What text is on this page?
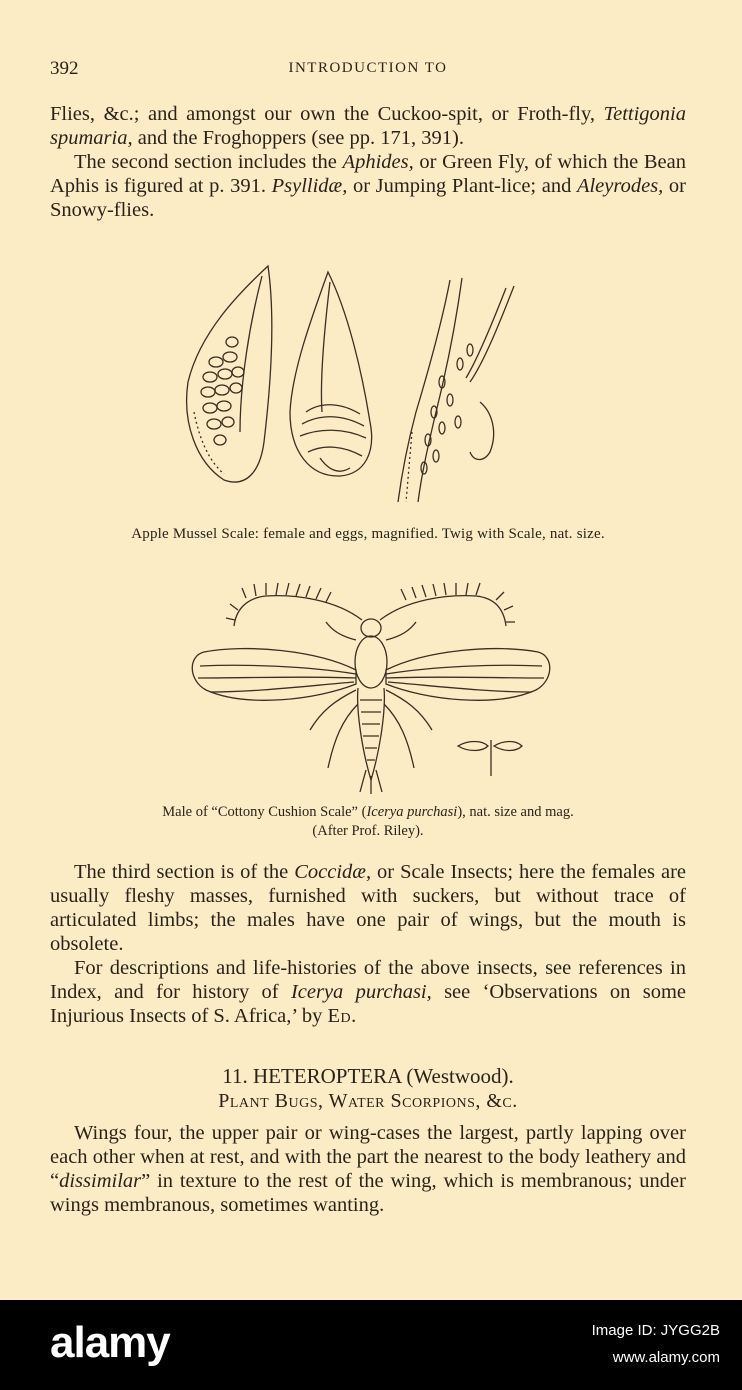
392	INTRODUCTION TO

Flies, &c.; and amongst our own the Cuckoo-spit, or Froth-fly, Tettigonia spumaria, and the Froghoppers (see pp. 171, 391).

The second section includes the Aphides, or Green Fly, of which the Bean Aphis is figured at p. 391. Psyllidæ, or Jumping Plant-lice; and Aleyrodes, or Snowy-flies.

Apple Mussel Scale: female and eggs, magnified. Twig with Scale, nat. size.
Male of “Cottony Cushion Scale” (Icerya purchasi), nat. size and mag.
(After Prof. Riley).

The third section is of the Coccidæ, or Scale Insects; here the females are usually fleshy masses, furnished with suckers, but without trace of articulated limbs; the males have one pair of wings, but the mouth is obsolete.

For descriptions and life-histories of the above insects, see references in Index, and for history of Icerya purchasi, see ‘Observations on some Injurious Insects of S. Africa,’ by Ed.

11. HETEROPTERA (Westwood).
Plant Bugs, Water Scorpions, &c.

Wings four, the upper pair or wing-cases the largest, partly lapping over each other when at rest, and with the part the nearest to the body leathery and “dissimilar” in texture to the rest of the wing, which is membranous; under wings membranous, sometimes wanting.

alamy	Image ID: JYGG2B
www.alamy.com
